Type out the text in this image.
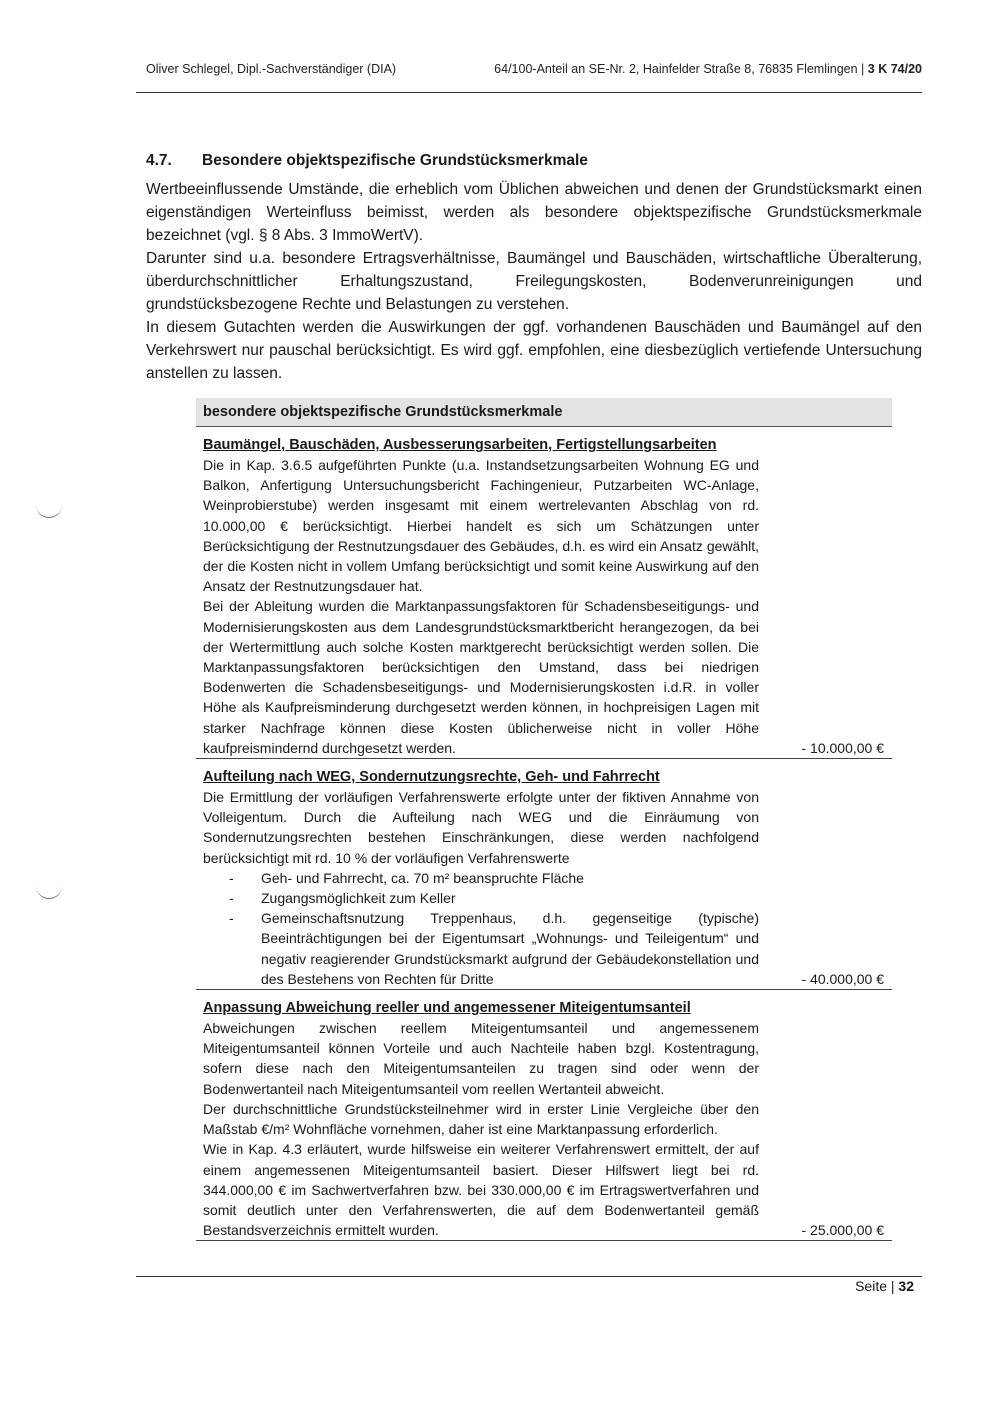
Oliver Schlegel, Dipl.-Sachverständiger (DIA)	64/100-Anteil an SE-Nr. 2, Hainfelder Straße 8, 76835 Flemlingen | 3 K 74/20
4.7. Besondere objektspezifische Grundstücksmerkmale

Wertbeeinflussende Umstände, die erheblich vom Üblichen abweichen und denen der Grundstücksmarkt einen eigenständigen Werteinfluss beimisst, werden als besondere objektspezifische Grundstücksmerkmale bezeichnet (vgl. § 8 Abs. 3 ImmoWertV).

Darunter sind u.a. besondere Ertragsverhältnisse, Baumängel und Bauschäden, wirtschaftliche Überalterung, überdurchschnittlicher Erhaltungszustand, Freilegungskosten, Bodenverunreinigungen und grundstücksbezogene Rechte und Belastungen zu verstehen.

In diesem Gutachten werden die Auswirkungen der ggf. vorhandenen Bauschäden und Baumängel auf den Verkehrswert nur pauschal berücksichtigt. Es wird ggf. empfohlen, eine diesbezüglich vertiefende Untersuchung anstellen zu lassen.

besondere objektspezifische Grundstücksmerkmale
Baumängel, Bauschäden, Ausbesserungsarbeiten, Fertigstellungsarbeiten

Die in Kap. 3.6.5 aufgeführten Punkte (u.a. Instandsetzungsarbeiten Wohnung EG und Balkon, Anfertigung Untersuchungsbericht Fachingenieur, Putzarbeiten WC-Anlage, Weinprobierstube) werden insgesamt mit einem wertrelevanten Abschlag von rd. 10.000,00 € berücksichtigt. Hierbei handelt es sich um Schätzungen unter Berücksichtigung der Restnutzungsdauer des Gebäudes, d.h. es wird ein Ansatz gewählt, der die Kosten nicht in vollem Umfang berücksichtigt und somit keine Auswirkung auf den Ansatz der Restnutzungsdauer hat.

Bei der Ableitung wurden die Marktanpassungsfaktoren für Schadensbeseitigungs- und Modernisierungskosten aus dem Landesgrundstücksmarktbericht herangezogen, da bei der Wertermittlung auch solche Kosten marktgerecht berücksichtigt werden sollen. Die Marktanpassungsfaktoren berücksichtigen den Umstand, dass bei niedrigen Bodenwerten die Schadensbeseitigungs- und Modernisierungskosten i.d.R. in voller Höhe als Kaufpreisminderung durchgesetzt werden können, in hochpreisigen Lagen mit starker Nachfrage können diese Kosten üblicherweise nicht in voller Höhe kaufpreismindernd durchgesetzt werden.	- 10.000,00 €
Aufteilung nach WEG, Sondernutzungsrechte, Geh- und Fahrrecht

Die Ermittlung der vorläufigen Verfahrenswerte erfolgte unter der fiktiven Annahme von Volleigentum. Durch die Aufteilung nach WEG und die Einräumung von Sondernutzungsrechten bestehen Einschränkungen, diese werden nachfolgend berücksichtigt mit rd. 10 % der vorläufigen Verfahrenswerte

- Geh- und Fahrrecht, ca. 70 m² beanspruchte Fläche
- Zugangsmöglichkeit zum Keller
- Gemeinschaftsnutzung Treppenhaus, d.h. gegenseitige (typische) Beeinträchtigungen bei der Eigentumsart „Wohnungs- und Teileigentum“ und negativ reagierender Grundstücksmarkt aufgrund der Gebäudekonstellation und des Bestehens von Rechten für Dritte	- 40.000,00 €
Anpassung Abweichung reeller und angemessener Miteigentumsanteil

Abweichungen zwischen reellem Miteigentumsanteil und angemessenem Miteigentumsanteil können Vorteile und auch Nachteile haben bzgl. Kostentragung, sofern diese nach den Miteigentumsanteilen zu tragen sind oder wenn der Bodenwertanteil nach Miteigentumsanteil vom reellen Wertanteil abweicht.

Der durchschnittliche Grundstücksteilnehmer wird in erster Linie Vergleiche über den Maßstab €/m² Wohnfläche vornehmen, daher ist eine Marktanpassung erforderlich.

Wie in Kap. 4.3 erläutert, wurde hilfsweise ein weiterer Verfahrenswert ermittelt, der auf einem angemessenen Miteigentumsanteil basiert. Dieser Hilfswert liegt bei rd. 344.000,00 € im Sachwertverfahren bzw. bei 330.000,00 € im Ertragswertverfahren und somit deutlich unter den Verfahrenswerten, die auf dem Bodenwertanteil gemäß Bestandsverzeichnis ermittelt wurden.	- 25.000,00 €
Seite | 32
